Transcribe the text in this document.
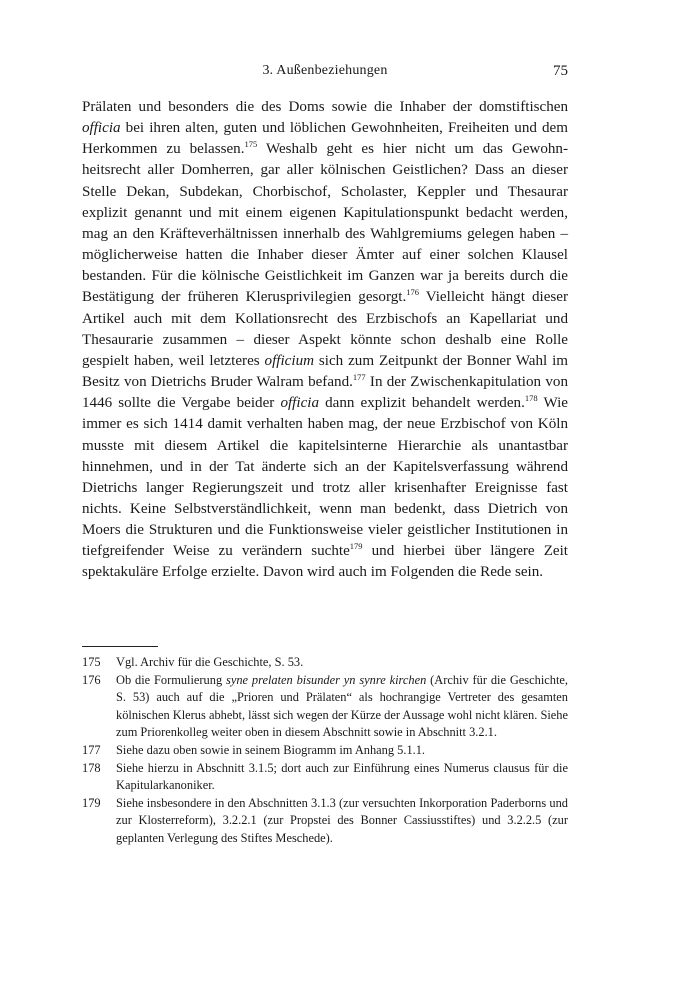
3. Außenbeziehungen	75

Prälaten und besonders die des Doms sowie die Inhaber der domstiftischen officia bei ihren alten, guten und löblichen Gewohnheiten, Freiheiten und dem Herkommen zu belassen.$^{175}$ Weshalb geht es hier nicht um das Gewohnheitsrecht aller Domherren, gar aller kölnischen Geistlichen? Dass an dieser Stelle Dekan, Subdekan, Chorbischof, Scholaster, Keppler und Thesaurar explizit genannt und mit einem eigenen Kapitulationspunkt bedacht werden, mag an den Kräfteverhältnissen innerhalb des Wahlgremiums gelegen haben – möglicherweise hatten die Inhaber dieser Ämter auf einer solchen Klausel bestanden. Für die kölnische Geistlichkeit im Ganzen war ja bereits durch die Bestätigung der früheren Klerusprivilegien gesorgt.$^{176}$ Vielleicht hängt dieser Artikel auch mit dem Kollationsrecht des Erzbischofs an Kapellariat und Thesaurarie zusammen – dieser Aspekt könnte schon deshalb eine Rolle gespielt haben, weil letzteres officium sich zum Zeitpunkt der Bonner Wahl im Besitz von Dietrichs Bruder Walram befand.$^{177}$ In der Zwischenkapitulation von 1446 sollte die Vergabe beider officia dann explizit behandelt werden.$^{178}$ Wie immer es sich 1414 damit verhalten haben mag, der neue Erzbischof von Köln musste mit diesem Artikel die kapitelsinterne Hierarchie als unantastbar hinnehmen, und in der Tat änderte sich an der Kapitelsverfassung während Dietrichs langer Regierungszeit und trotz aller krisenhafter Ereignisse fast nichts. Keine Selbstverständlichkeit, wenn man bedenkt, dass Dietrich von Moers die Strukturen und die Funktionsweise vieler geistlicher Institutionen in tiefgreifender Weise zu verändern suchte$^{179}$ und hierbei über längere Zeit spektakuläre Erfolge erzielte. Davon wird auch im Folgenden die Rede sein.

175	Vgl. Archiv für die Geschichte, S. 53.
176	Ob die Formulierung syne prelaten bisunder yn synre kirchen (Archiv für die Geschichte, S. 53) auch auf die „Prioren und Prälaten“ als hochrangige Vertreter des gesamten kölnischen Klerus abhebt, lässt sich wegen der Kürze der Aussage wohl nicht klären. Siehe zum Priorenkolleg weiter oben in diesem Abschnitt sowie in Abschnitt 3.2.1.
177	Siehe dazu oben sowie in seinem Biogramm im Anhang 5.1.1.
178	Siehe hierzu in Abschnitt 3.1.5; dort auch zur Einführung eines Numerus clausus für die Kapitularkanoniker.
179	Siehe insbesondere in den Abschnitten 3.1.3 (zur versuchten Inkorporation Paderborns und zur Klosterreform), 3.2.2.1 (zur Propstei des Bonner Cassiusstiftes) und 3.2.2.5 (zur geplanten Verlegung des Stiftes Meschede).
